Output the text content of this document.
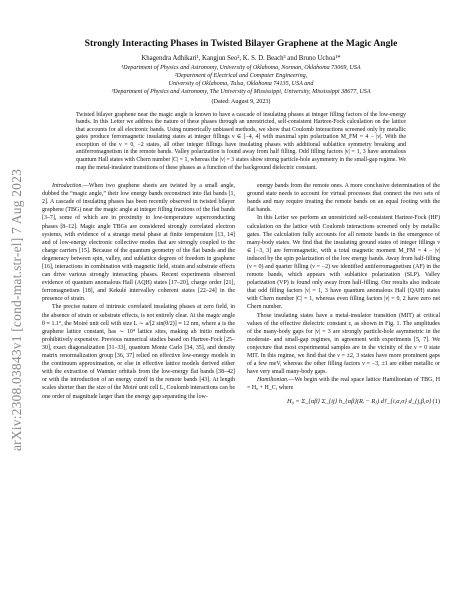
arXiv:2308.03843v1 [cond-mat.str-el] 7 Aug 2023
Strongly Interacting Phases in Twisted Bilayer Graphene at the Magic Angle
Khagendra Adhikari¹, Kangjun Seo², K. S. D. Beach³ and Bruno Uchoa¹*
¹Department of Physics and Astronomy, University of Oklahoma, Norman, Oklahoma 73069, USA
²Department of Electrical and Computer Engineering,
University of Oklahoma, Tulsa, Oklahoma 74135, USA and
³Department of Physics and Astronomy, The University of Mississippi, University, Mississippi 38677, USA
(Dated: August 9, 2023)
Twisted bilayer graphene near the magic angle is known to have a cascade of insulating phases at integer filling factors of the low-energy bands. In this Letter we address the nature of these phases through an unrestricted, self-consistent Hartree-Fock calculation on the lattice that accounts for all electronic bands. Using numerically unbiased methods, we show that Coulomb interactions screened only by metallic gates produce ferromagnetic insulating states at integer fillings ν ∈ [−4, 4] with maximal spin polarization M_FM = 4 − |ν|. With the exception of the ν = 0, −2 states, all other integer fillings have insulating phases with additional sublattice symmetry breaking and antiferromagnetism in the remote bands. Valley polarization is found away from half filling. Odd filling factors |ν| = 1, 3 have anomalous quantum Hall states with Chern number |C| = 1, whereas the |ν| = 3 states show strong particle-hole asymmetry in the small-gap regime. We map the metal-insulator transitions of these phases as a function of the background dielectric constant.

Introduction.—When two graphene sheets are twisted by a small angle, dubbed the “magic angle,” their low energy bands reconstruct into flat bands [1, 2]. A cascade of insulating phases has been recently observed in twisted bilayer graphene (TBG) near the magic angle at integer filling fractions of the flat bands [3–7], some of which are in proximity to low-temperature superconducting phases [8–12]. Magic angle TBGs are considered strongly correlated electron systems, with evidence of a strange metal phase at finite temperature [13, 14] and of low-energy electronic collective modes that are strongly coupled to the charge carriers [15]. Because of the quantum geometry of the flat bands and the degeneracy between spin, valley, and sublattice degrees of freedom in graphene [16], interactions in combination with magnetic field, strain and substrate effects can drive various strongly interacting phases. Recent experiments observed evidence of quantum anomalous Hall (AQH) states [17–20], charge order [21], ferromagnetism [18], and Kekulé intervalley coherent states [22–24] in the presence of strain.

The precise nature of intrinsic correlated insulating phases at zero field, in the absence of strain or substrate effects, is not entirely clear. At the magic angle θ ≈ 1.1°, the Moiré unit cell with size L ∼ a/[2 sin(θ/2)] ≈ 12 nm, where a is the graphene lattice constant, has ∼ 10⁴ lattice sites, making ab initio methods prohibitively expensive. Previous numerical studies based on Hartree-Fock [25–30], exact diagonalization [31–33], quantum Monte Carlo [34, 35], and density matrix renormalization group [36, 37] relied on effective low-energy models in the continuum approximation, or else in effective lattice models derived either with the extraction of Wannier orbitals from the low-energy flat bands [38–42] or with the introduction of an energy cutoff in the remote bands [43]. At length scales shorter than the size of the Moiré unit cell L, Coulomb interactions can be one order of magnitude larger than the energy gap separating the low-

energy bands from the remote ones. A more conclusive determination of the ground state needs to account for virtual processes that connect the two sets of bands and may require treating the remote bands on an equal footing with the flat bands.

In this Letter we perform an unrestricted self-consistent Hartree-Fock (HF) calculation on the lattice with Coulomb interactions screened only by metallic gates. The calculation fully accounts for all remote bands in the emergence of many-body states. We find that the insulating ground states of integer fillings ν ∈ [−3, 3] are ferromagnetic, with a total magnetic moment M_FM = 4 − |ν| induced by the spin polarization of the low energy bands. Away from half-filling (ν = 0) and quarter filling (ν = −2) we identified antiferromagnetism (AF) in the remote bands, which appears with sublattice polarization (SLP). Valley polarization (VP) is found only away from half-filling. Our results also indicate that odd filling factors |ν| = 1, 3 have quantum anomalous Hall (QAH) states with Chern number |C| = 1, whereas even filling factors |ν| = 0, 2 have zero net Chern number.

Those insulating states have a metal-insulator transition (MIT) at critical values of the effective dielectric constant ε, as shown in Fig. 1. The amplitudes of the many-body gaps for |ν| = 3 are strongly particle-hole asymmetric in the moderate- and small-gap regimes, in agreement with experiments [5, 7]. We conjecture that most experimental samples are in the vicinity of the ν = 0 state MIT. In this regime, we find that the ν = ±2, 3 states have more prominent gaps of a few meV, whereas the other filling factors ν = −3, ±1 are either metallic or have very small many-body gaps.

Hamiltonian.—We begin with the real space lattice Hamiltonian of TBG, H = H₀ + H_C, where

H₀ = Σ_{αβ} Σ_{ij} h_{αβ}(Rᵢ − Rⱼ) d†_{i,α,σ} d_{j,β,σ} (1)
